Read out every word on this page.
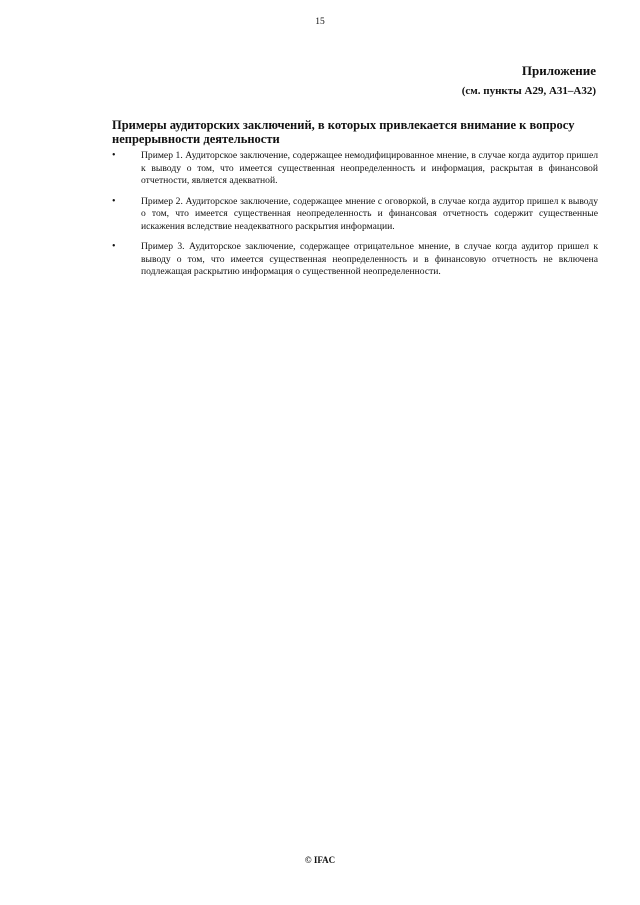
15
Приложение
(см. пункты А29, А31–А32)
Примеры аудиторских заключений, в которых привлекается внимание к вопросу непрерывности деятельности
•	Пример 1. Аудиторское заключение, содержащее немодифицированное мнение, в случае когда аудитор пришел к выводу о том, что имеется существенная неопределенность и информация, раскрытая в финансовой отчетности, является адекватной.
•	Пример 2. Аудиторское заключение, содержащее мнение с оговоркой, в случае когда аудитор пришел к выводу о том, что имеется существенная неопределенность и финансовая отчетность содержит существенные искажения вследствие неадекватного раскрытия информации.
•	Пример 3. Аудиторское заключение, содержащее отрицательное мнение, в случае когда аудитор пришел к выводу о том, что имеется существенная неопределенность и в финансовую отчетность не включена подлежащая раскрытию информация о существенной неопределенности.
© IFAC
